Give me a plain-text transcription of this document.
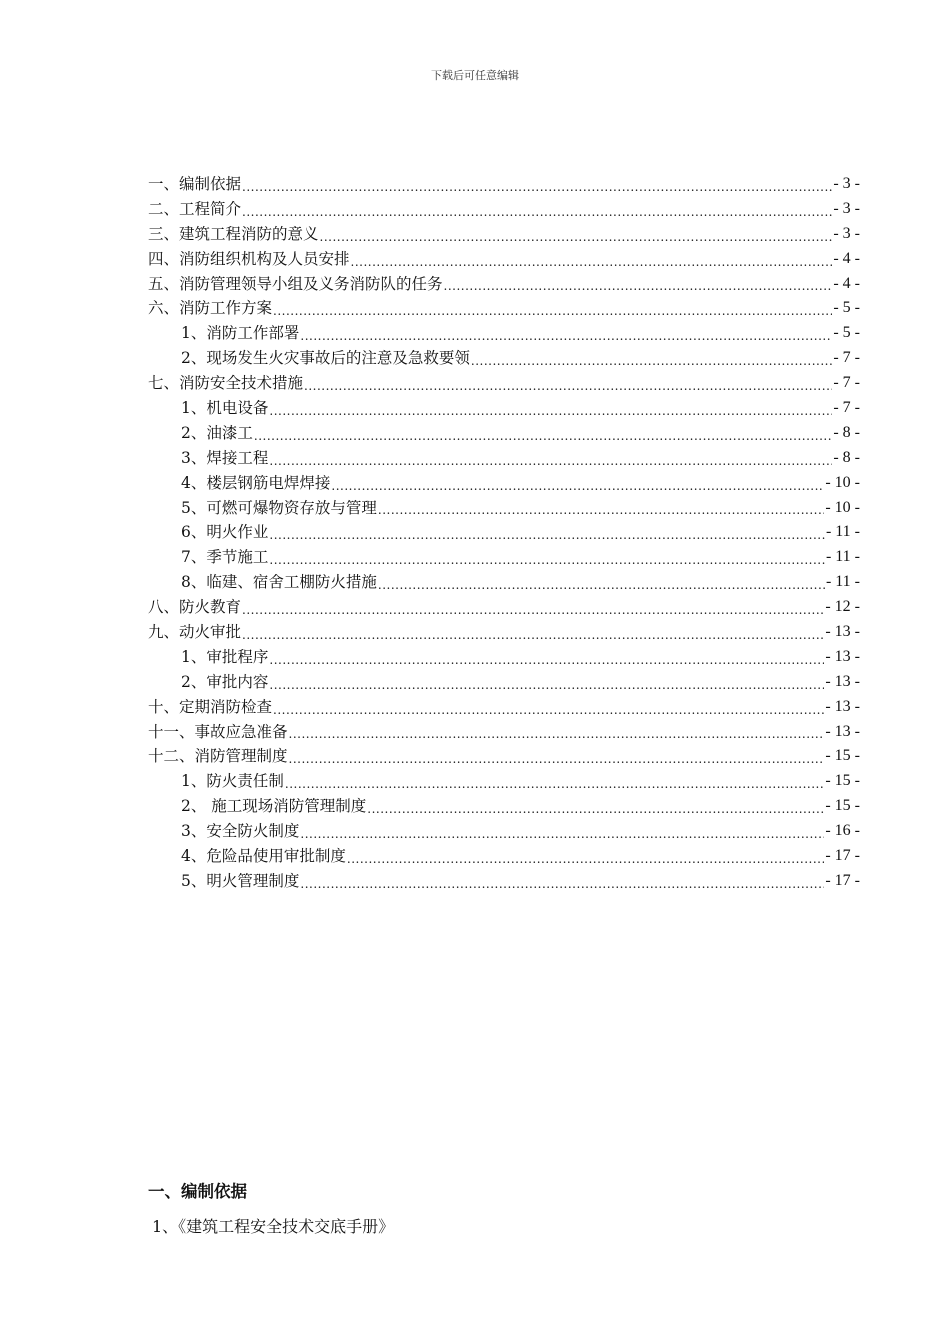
下载后可任意编辑
一、编制依据 .....	- 3 -
二、工程简介 .....	- 3 -
三、建筑工程消防的意义 .....	- 3 -
四、消防组织机构及人员安排 .....	- 4 -
五、消防管理领导小组及义务消防队的任务 .....	- 4 -
六、消防工作方案 .....	- 5 -
1、消防工作部署 .....	- 5 -
2、现场发生火灾事故后的注意及急救要领 .....	- 7 -
七、消防安全技术措施 .....	- 7 -
1、机电设备 .....	- 7 -
2、油漆工 .....	- 8 -
3、焊接工程 .....	- 8 -
4、楼层钢筋电焊焊接 .....	- 10 -
5、可燃可爆物资存放与管理 .....	- 10 -
6、明火作业 .....	- 11 -
7、季节施工 .....	- 11 -
8、临建、宿舍工棚防火措施 .....	- 11 -
八、防火教育 .....	- 12 -
九、动火审批 .....	- 13 -
1、审批程序 .....	- 13 -
2、审批内容 .....	- 13 -
十、定期消防检查 .....	- 13 -
十一、事故应急准备 .....	- 13 -
十二、消防管理制度 .....	- 15 -
1、防火责任制 .....	- 15 -
2、 施工现场消防管理制度 .....	- 15 -
3、安全防火制度 .....	- 16 -
4、危险品使用审批制度 .....	- 17 -
5、明火管理制度 .....	- 17 -
一、编制依据
1、《建筑工程安全技术交底手册》
